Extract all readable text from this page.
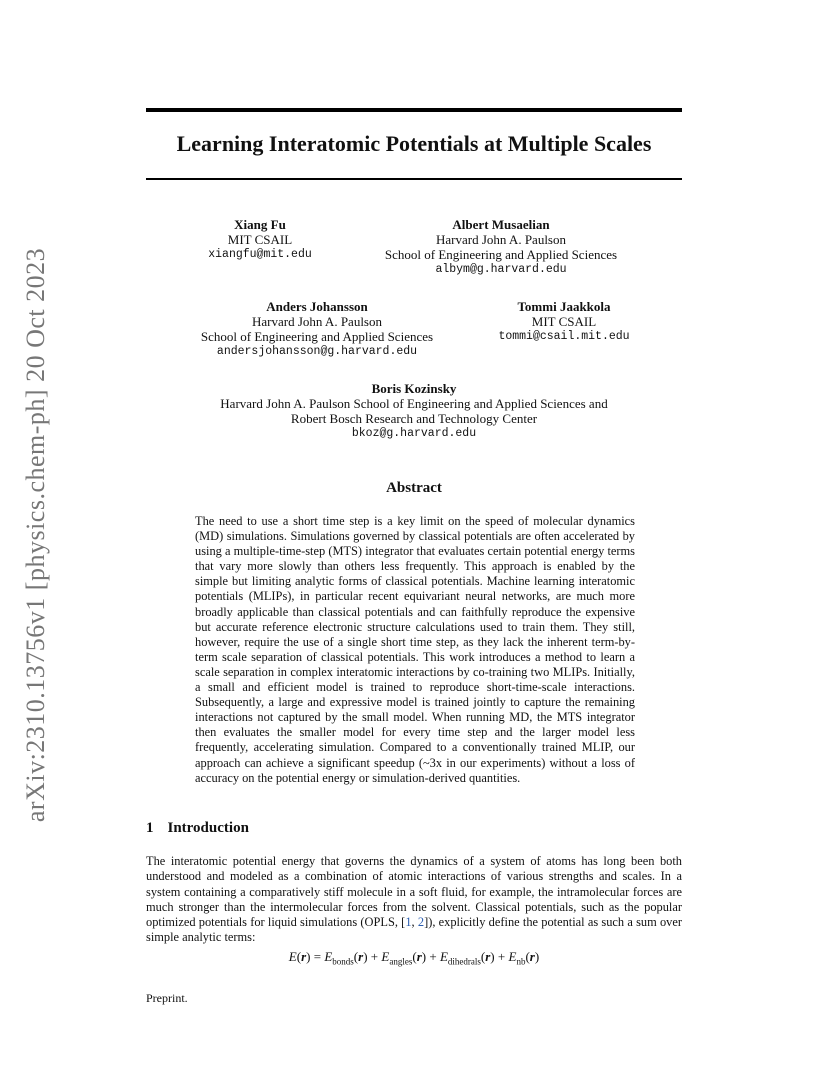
arXiv:2310.13756v1 [physics.chem-ph] 20 Oct 2023
Learning Interatomic Potentials at Multiple Scales
Xiang Fu
MIT CSAIL
xiangfu@mit.edu
Albert Musaelian
Harvard John A. Paulson
School of Engineering and Applied Sciences
albym@g.harvard.edu
Anders Johansson
Harvard John A. Paulson
School of Engineering and Applied Sciences
andersjohansson@g.harvard.edu
Tommi Jaakkola
MIT CSAIL
tommi@csail.mit.edu
Boris Kozinsky
Harvard John A. Paulson School of Engineering and Applied Sciences and
Robert Bosch Research and Technology Center
bkoz@g.harvard.edu
Abstract

The need to use a short time step is a key limit on the speed of molecular dynamics (MD) simulations. Simulations governed by classical potentials are often accelerated by using a multiple-time-step (MTS) integrator that evaluates certain potential energy terms that vary more slowly than others less frequently. This approach is enabled by the simple but limiting analytic forms of classical potentials. Machine learning interatomic potentials (MLIPs), in particular recent equivariant neural networks, are much more broadly applicable than classical potentials and can faithfully reproduce the expensive but accurate reference electronic structure calculations used to train them. They still, however, require the use of a single short time step, as they lack the inherent term-by-term scale separation of classical potentials. This work introduces a method to learn a scale separation in complex interatomic interactions by co-training two MLIPs. Initially, a small and efficient model is trained to reproduce short-time-scale interactions. Subsequently, a large and expressive model is trained jointly to capture the remaining interactions not captured by the small model. When running MD, the MTS integrator then evaluates the smaller model for every time step and the larger model less frequently, accelerating simulation. Compared to a conventionally trained MLIP, our approach can achieve a significant speedup (~3x in our experiments) without a loss of accuracy on the potential energy or simulation-derived quantities.

1 Introduction

The interatomic potential energy that governs the dynamics of a system of atoms has long been both understood and modeled as a combination of atomic interactions of various strengths and scales. In a system containing a comparatively stiff molecule in a soft fluid, for example, the intramolecular forces are much stronger than the intermolecular forces from the solvent. Classical potentials, such as the popular optimized potentials for liquid simulations (OPLS, [1, 2]), explicitly define the potential as such a sum over simple analytic terms:

$E(r) = E_{bonds}(r) + E_{angles}(r) + E_{dihedrals}(r) + E_{nb}(r)$
Preprint.
